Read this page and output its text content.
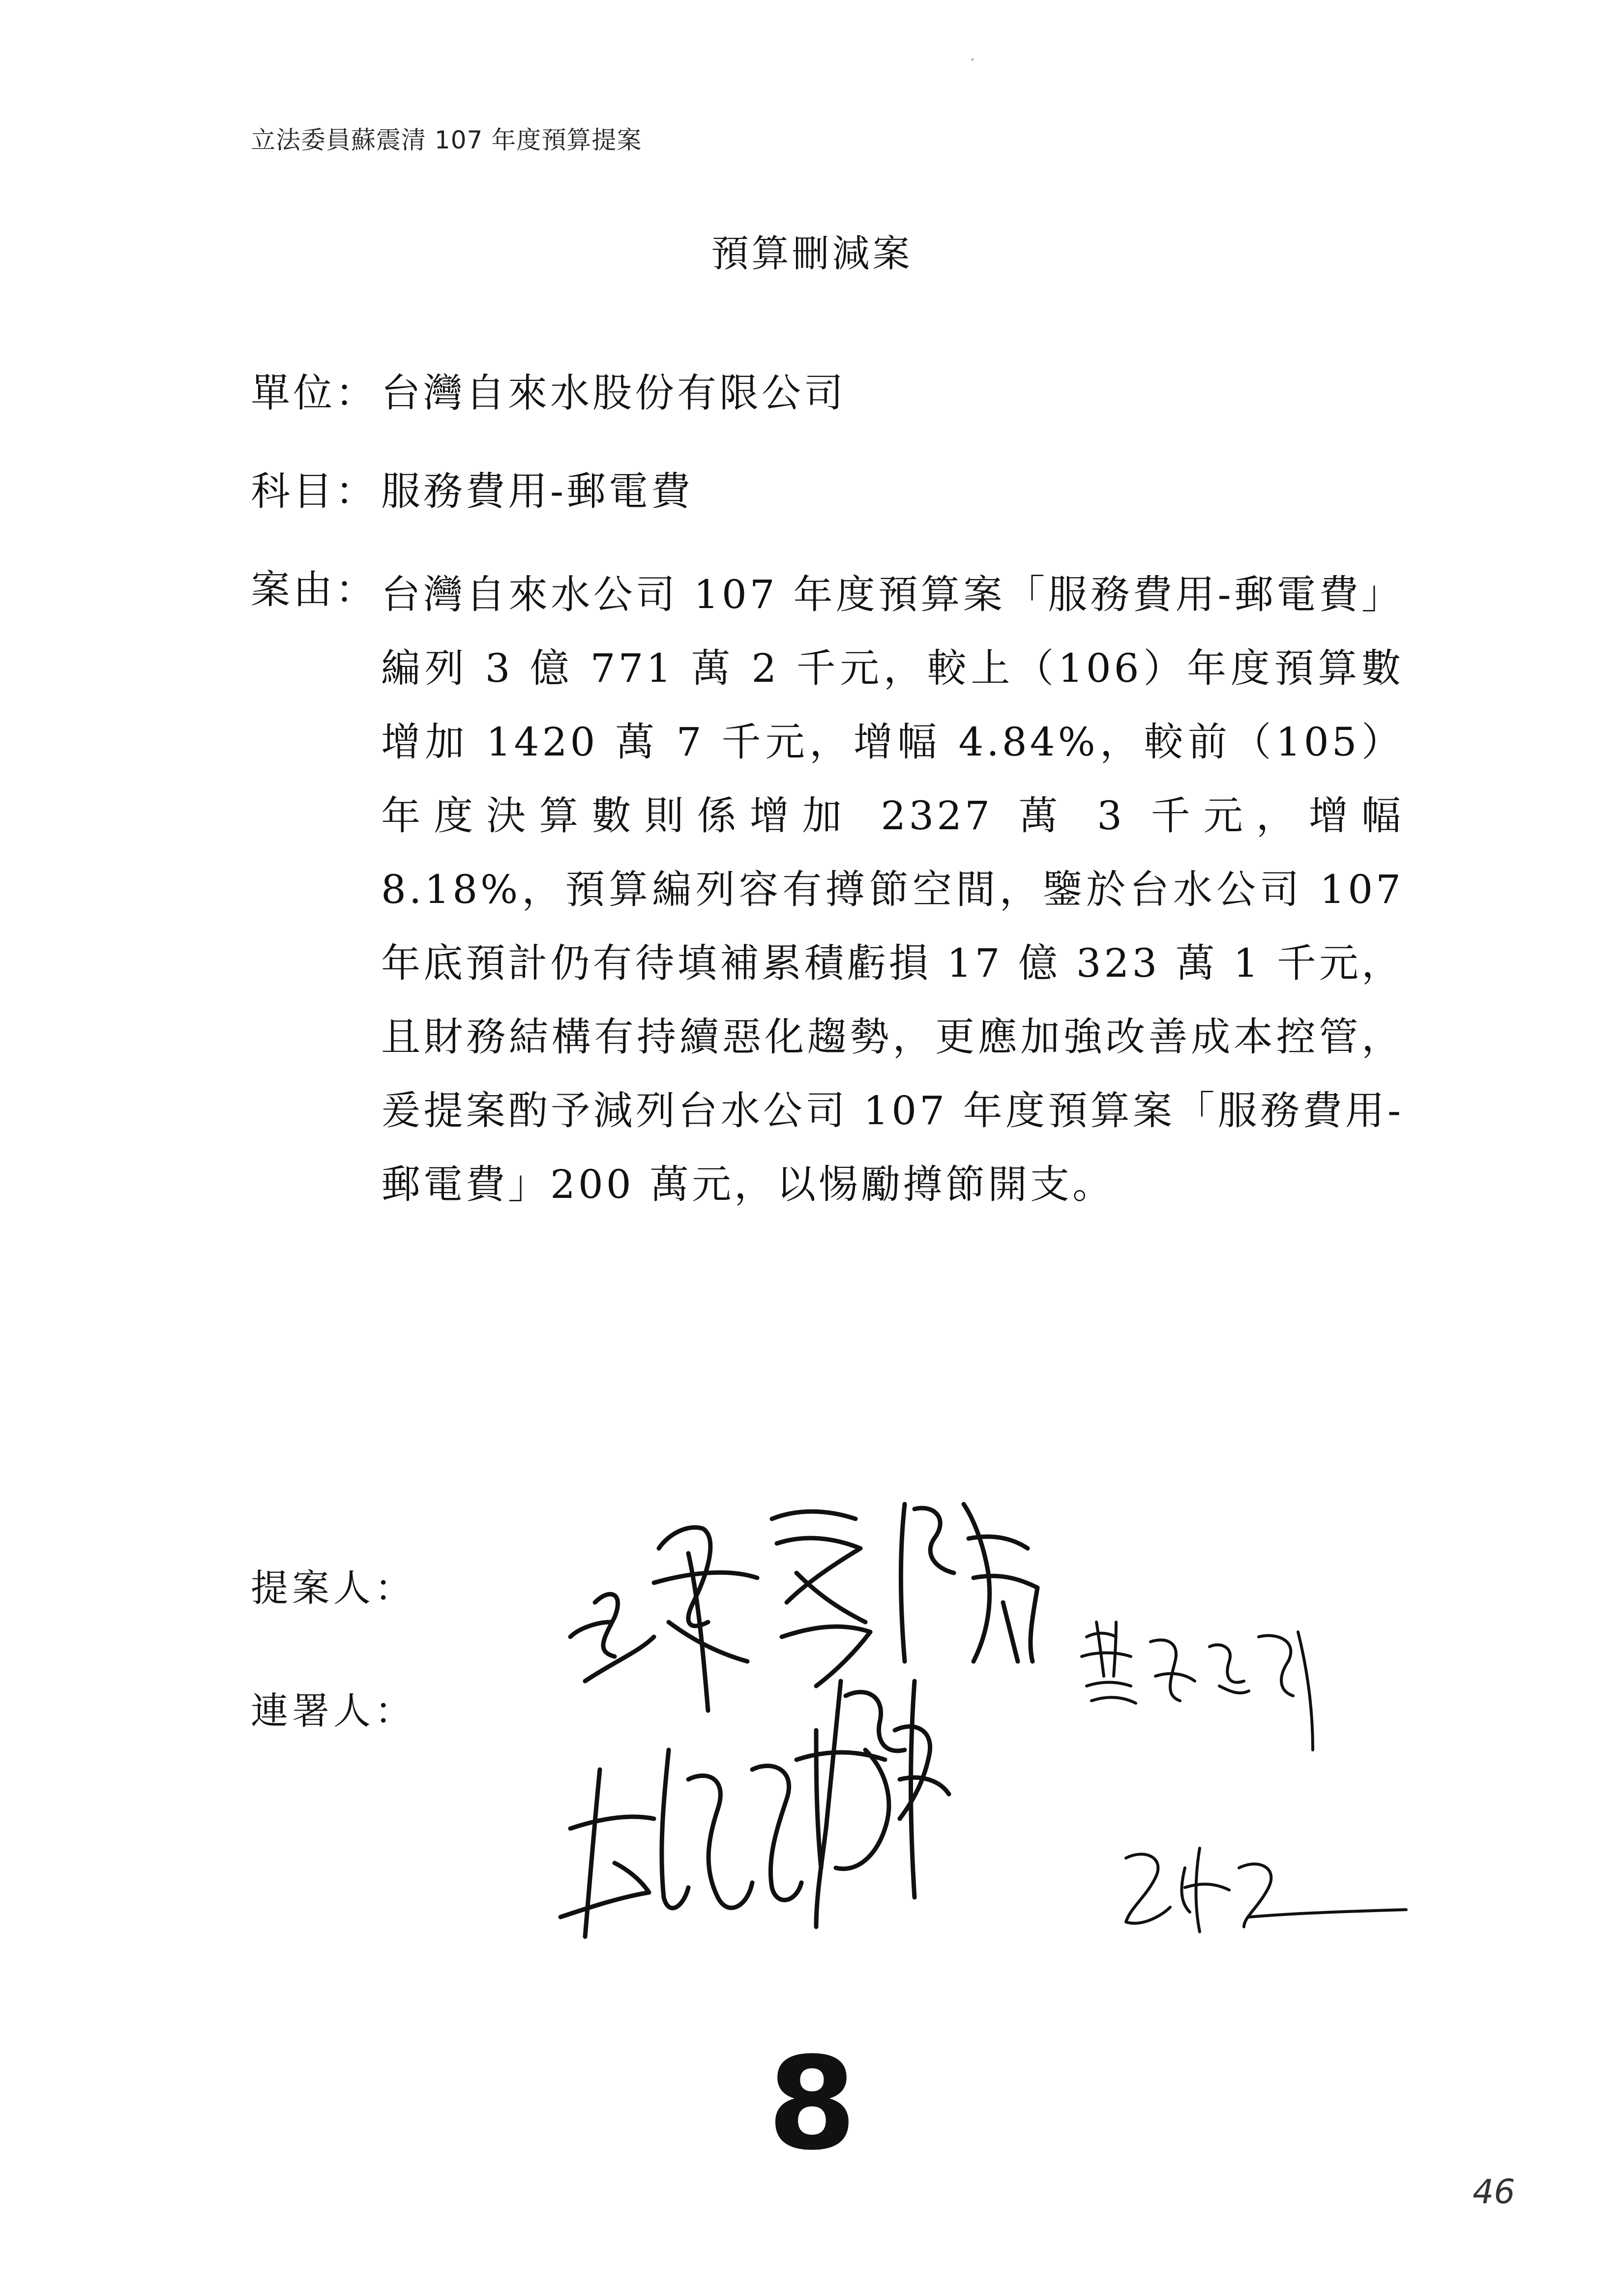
立法委員蘇震清 107 年度預算提案
預算刪減案
單位： 台灣自來水股份有限公司
科目： 服務費用-郵電費
案由： 台灣自來水公司 107 年度預算案「服務費用-郵電費」編列 3 億 771 萬 2 千元，較上（106）年度預算數增加 1420 萬 7 千元，增幅 4.84%，較前（105）年度決算數則係增加 2327 萬 3 千元，增幅 8.18%，預算編列容有撙節空間，鑒於台水公司 107 年底預計仍有待填補累積虧損 17 億 323 萬 1 千元，且財務結構有持續惡化趨勢，更應加強改善成本控管，爰提案酌予減列台水公司 107 年度預算案「服務費用-郵電費」200 萬元，以惕勵撙節開支。
提案人：
連署人：
8
46
